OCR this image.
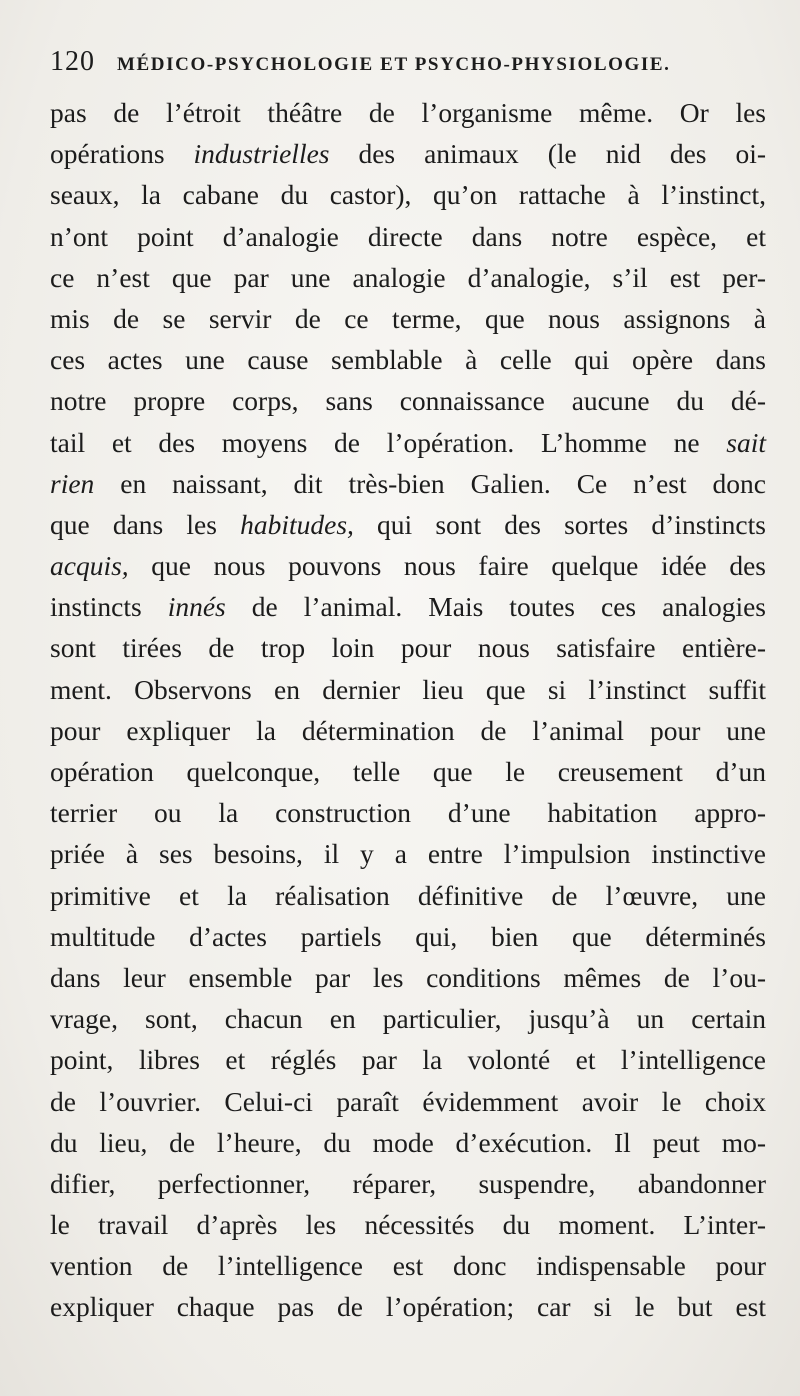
120 MÉDICO-PSYCHOLOGIE ET PSYCHO-PHYSIOLOGIE.
pas de l’étroit théâtre de l’organisme même. Or les
opérations industrielles des animaux (le nid des oi-
seaux, la cabane du castor), qu’on rattache à l’instinct,
n’ont point d’analogie directe dans notre espèce, et
ce n’est que par une analogie d’analogie, s’il est per-
mis de se servir de ce terme, que nous assignons à
ces actes une cause semblable à celle qui opère dans
notre propre corps, sans connaissance aucune du dé-
tail et des moyens de l’opération. L’homme ne sait
rien en naissant, dit très-bien Galien. Ce n’est donc
que dans les habitudes, qui sont des sortes d’instincts
acquis, que nous pouvons nous faire quelque idée des
instincts innés de l’animal. Mais toutes ces analogies
sont tirées de trop loin pour nous satisfaire entière-
ment. Observons en dernier lieu que si l’instinct suffit
pour expliquer la détermination de l’animal pour une
opération quelconque, telle que le creusement d’un
terrier ou la construction d’une habitation appro-
priée à ses besoins, il y a entre l’impulsion instinctive
primitive et la réalisation définitive de l’œuvre, une
multitude d’actes partiels qui, bien que déterminés
dans leur ensemble par les conditions mêmes de l’ou-
vrage, sont, chacun en particulier, jusqu’à un certain
point, libres et réglés par la volonté et l’intelligence
de l’ouvrier. Celui-ci paraît évidemment avoir le choix
du lieu, de l’heure, du mode d’exécution. Il peut mo-
difier, perfectionner, réparer, suspendre, abandonner
le travail d’après les nécessités du moment. L’inter-
vention de l’intelligence est donc indispensable pour
expliquer chaque pas de l’opération; car si le but est
